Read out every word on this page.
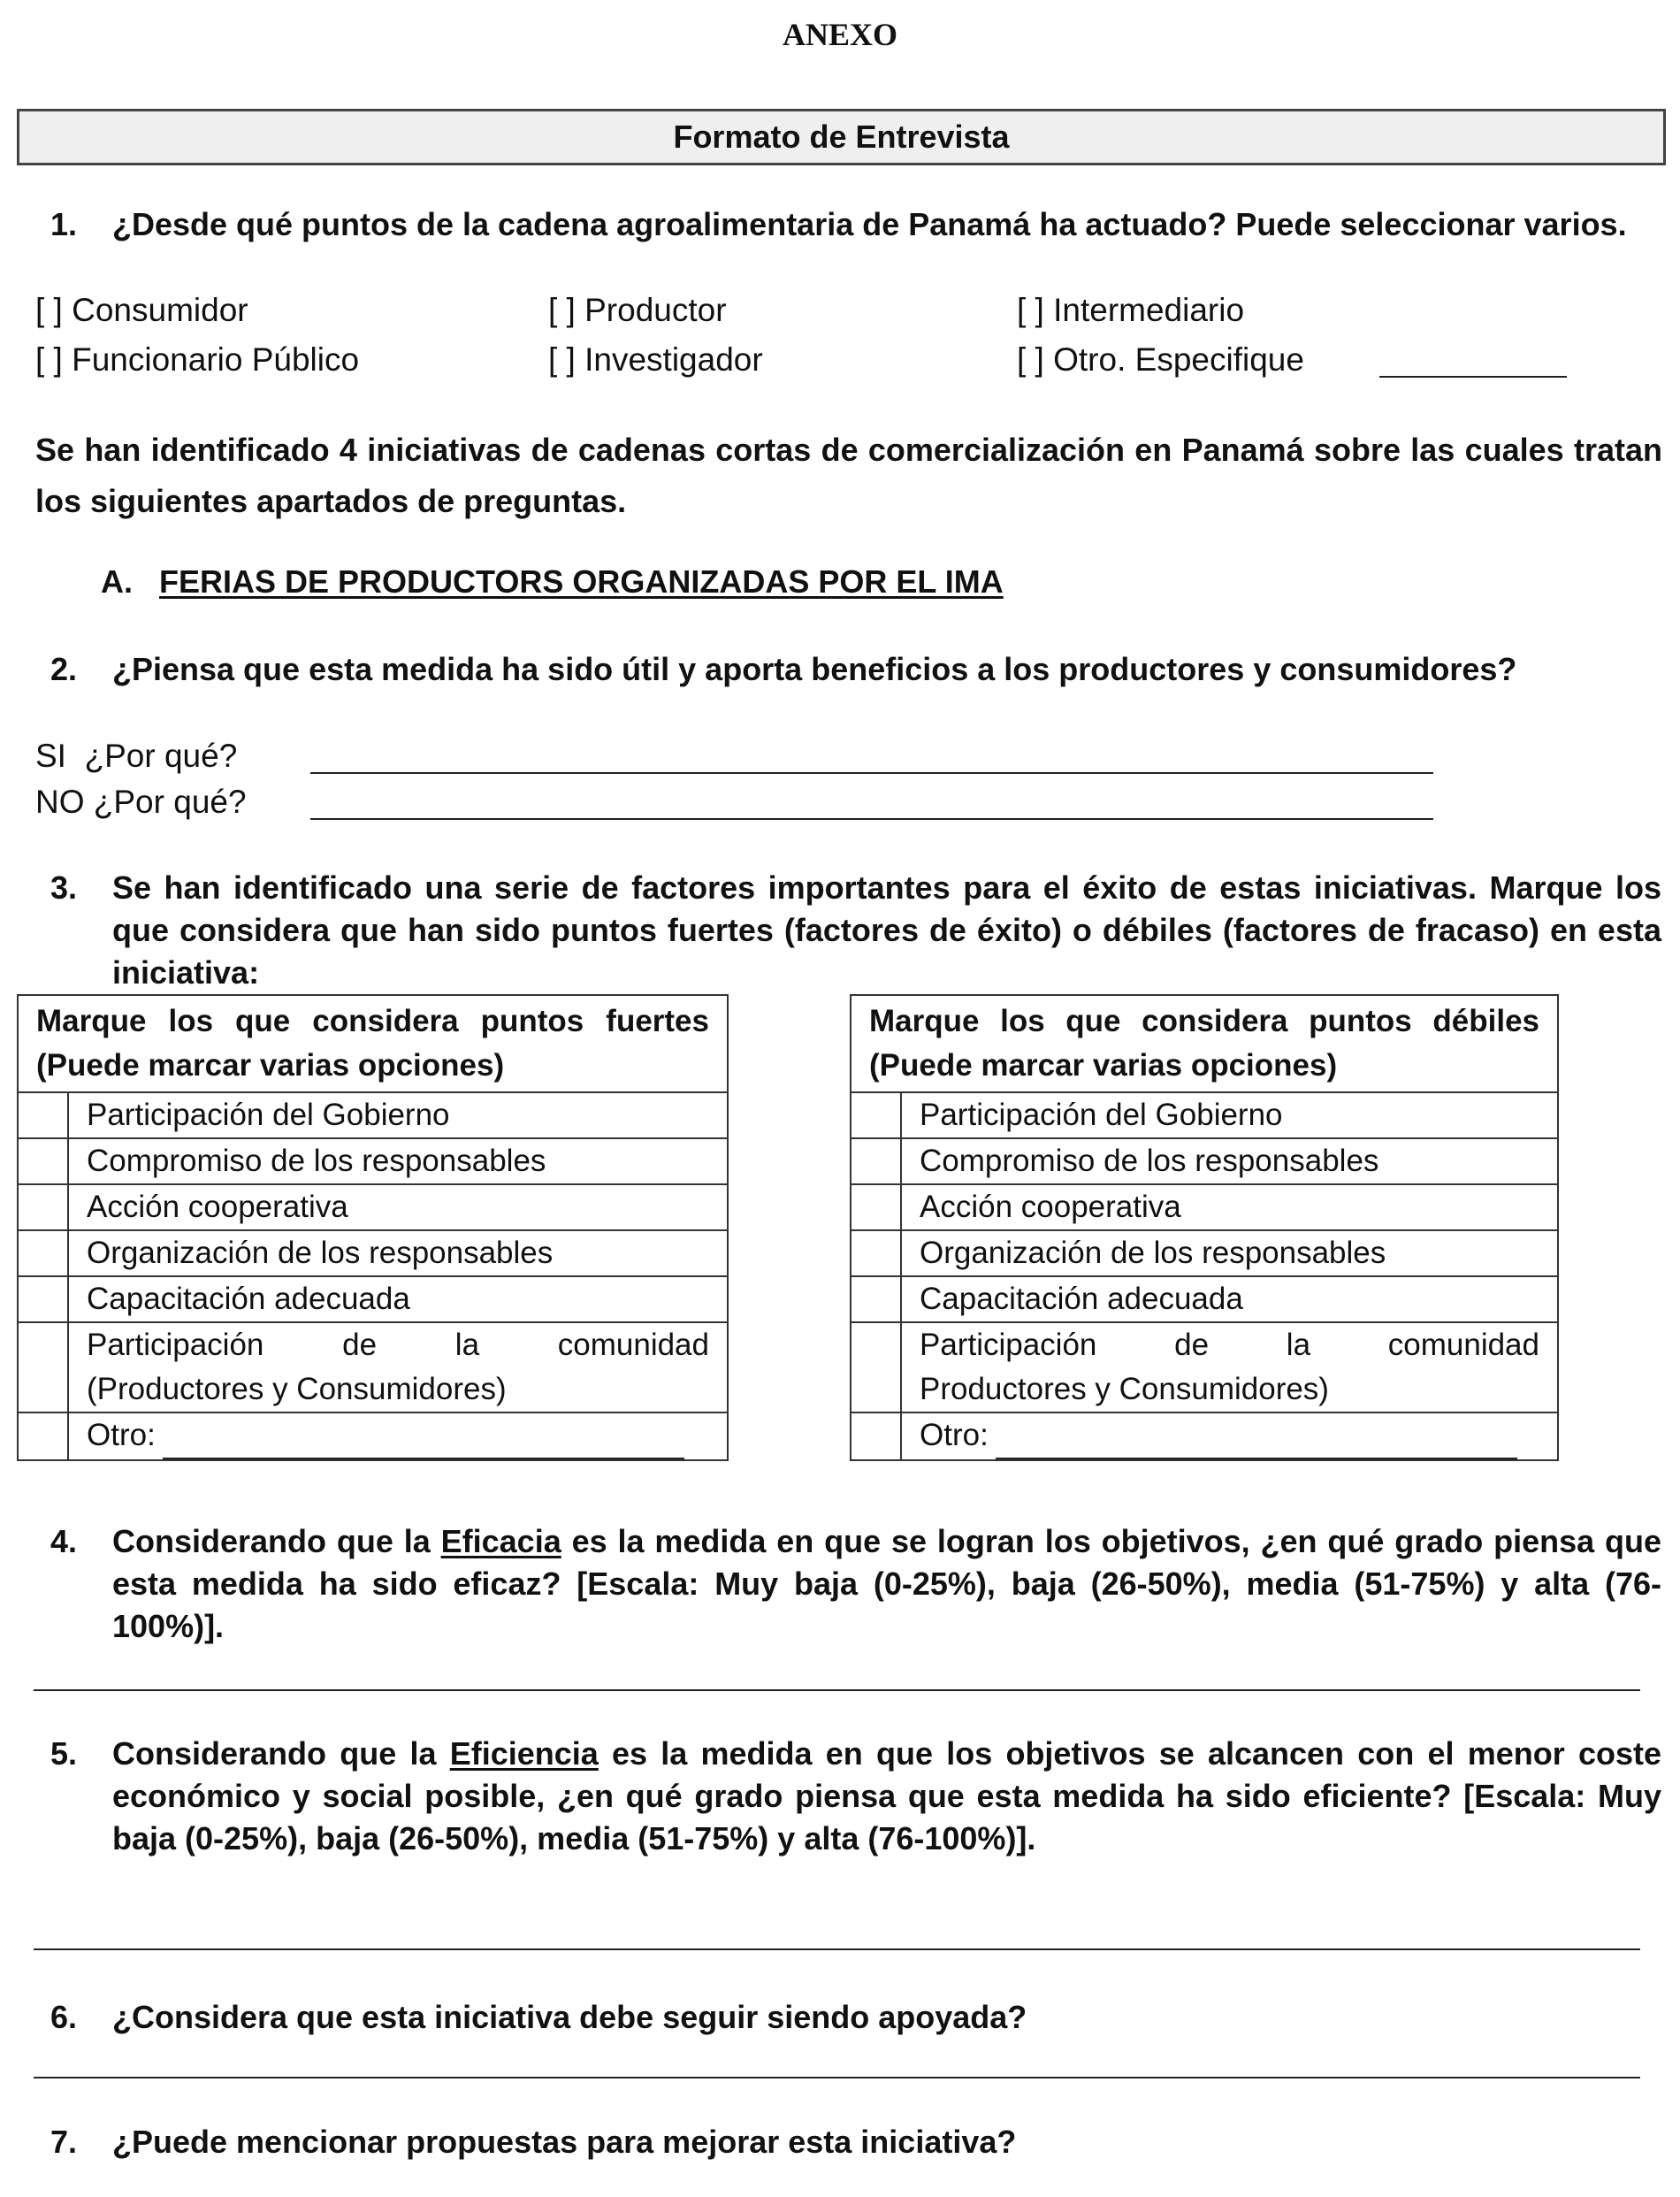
ANEXO
Formato de Entrevista
1. ¿Desde qué puntos de la cadena agroalimentaria de Panamá ha actuado? Puede seleccionar varios.
[ ] Consumidor	[ ] Productor	[ ] Intermediario
[ ] Funcionario Público	[ ] Investigador	[ ] Otro. Especifique
Se han identificado 4 iniciativas de cadenas cortas de comercialización en Panamá sobre las cuales tratan los siguientes apartados de preguntas.
A. FERIAS DE PRODUCTORS ORGANIZADAS POR EL IMA
2. ¿Piensa que esta medida ha sido útil y aporta beneficios a los productores y consumidores?
SI  ¿Por qué?
NO ¿Por qué?
3. Se han identificado una serie de factores importantes para el éxito de estas iniciativas. Marque los que considera que han sido puntos fuertes (factores de éxito) o débiles (factores de fracaso) en esta iniciativa:
Marque los que considera puntos fuertes (Puede marcar varias opciones)	
	Participación del Gobierno
	Compromiso de los responsables
	Acción cooperativa
	Organización de los responsables
	Capacitación adecuada

	Participación de la comunidad
(Productores y Consumidores)

	Otro:
Marque los que considera puntos débiles (Puede marcar varias opciones)	
	Participación del Gobierno
	Compromiso de los responsables
	Acción cooperativa
	Organización de los responsables
	Capacitación adecuada

	Participación de la comunidad
Productores y Consumidores)

	Otro:
4. Considerando que la Eficacia es la medida en que se logran los objetivos, ¿en qué grado piensa que esta medida ha sido eficaz? [Escala: Muy baja (0-25%), baja (26-50%), media (51-75%) y alta (76-100%)].
5. Considerando que la Eficiencia es la medida en que los objetivos se alcancen con el menor coste económico y social posible, ¿en qué grado piensa que esta medida ha sido eficiente? [Escala: Muy baja (0-25%), baja (26-50%), media (51-75%) y alta (76-100%)].
6. ¿Considera que esta iniciativa debe seguir siendo apoyada?
7. ¿Puede mencionar propuestas para mejorar esta iniciativa?
